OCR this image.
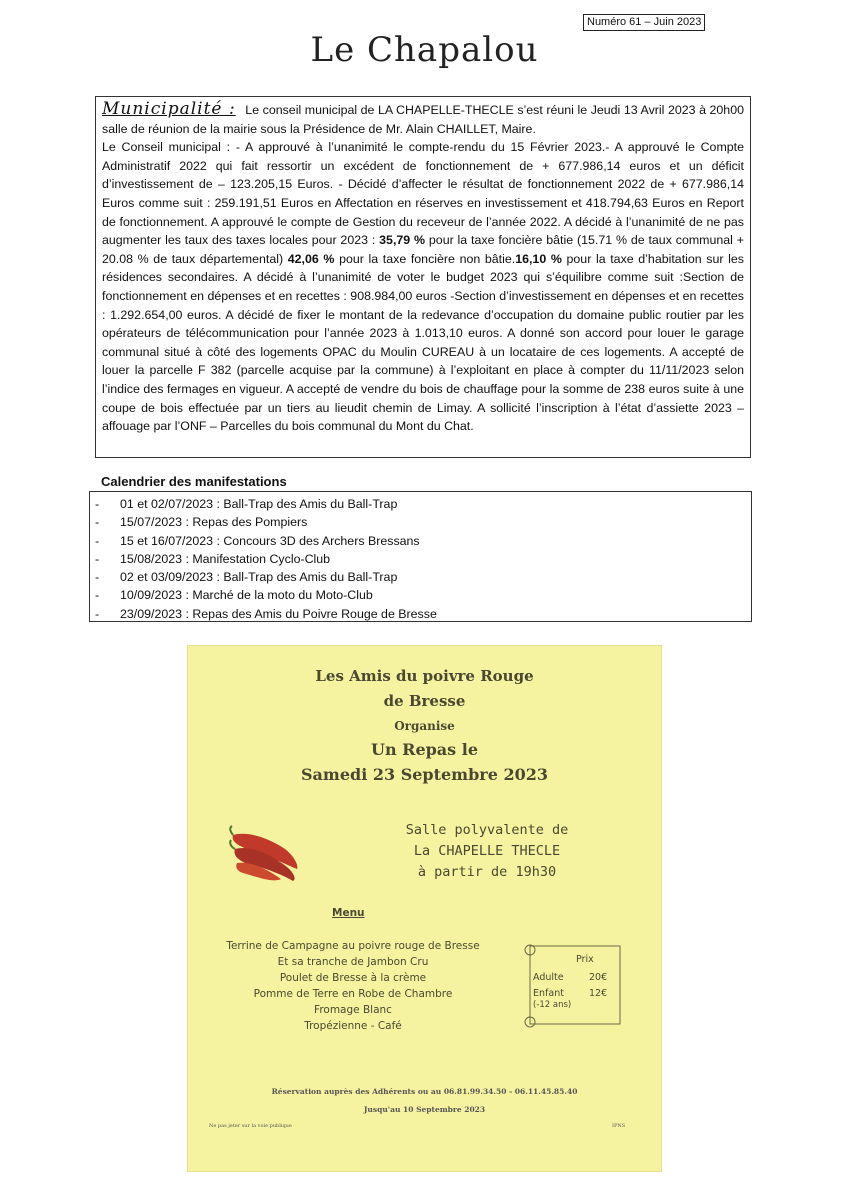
Numéro 61 – Juin 2023
Le Chapalou

Municipalité : Le conseil municipal de LA CHAPELLE-THECLE s’est réuni le Jeudi 13 Avril 2023 à 20h00 salle de réunion de la mairie sous la Présidence de Mr. Alain CHAILLET, Maire.

Le Conseil municipal : - A approuvé à l’unanimité le compte-rendu du 15 Février 2023.- A approuvé le Compte Administratif 2022 qui fait ressortir un excédent de fonctionnement de + 677.986,14 euros et un déficit d’investissement de – 123.205,15 Euros. - Décidé d’affecter le résultat de fonctionnement 2022 de + 677.986,14 Euros comme suit : 259.191,51 Euros en Affectation en réserves en investissement et 418.794,63 Euros en Report de fonctionnement. A approuvé le compte de Gestion du receveur de l’année 2022. A décidé à l’unanimité de ne pas augmenter les taux des taxes locales pour 2023 : 35,79 % pour la taxe foncière bâtie (15.71 % de taux communal + 20.08 % de taux départemental) 42,06 % pour la taxe foncière non bâtie.16,10 % pour la taxe d’habitation sur les résidences secondaires. A décidé à l’unanimité de voter le budget 2023 qui s’équilibre comme suit :Section de fonctionnement en dépenses et en recettes : 908.984,00 euros -Section d’investissement en dépenses et en recettes : 1.292.654,00 euros. A décidé de fixer le montant de la redevance d’occupation du domaine public routier par les opérateurs de télécommunication pour l’année 2023 à 1.013,10 euros. A donné son accord pour louer le garage communal situé à côté des logements OPAC du Moulin CUREAU à un locataire de ces logements. A accepté de louer la parcelle F 382 (parcelle acquise par la commune) à l’exploitant en place à compter du 11/11/2023 selon l’indice des fermages en vigueur. A accepté de vendre du bois de chauffage pour la somme de 238 euros suite à une coupe de bois effectuée par un tiers au lieudit chemin de Limay. A sollicité l’inscription à l’état d’assiette 2023 – affouage par l’ONF – Parcelles du bois communal du Mont du Chat.

Calendrier des manifestations
-	01 et 02/07/2023 : Ball-Trap des Amis du Ball-Trap
-	15/07/2023 : Repas des Pompiers
-	15 et 16/07/2023 : Concours 3D des Archers Bressans
-	15/08/2023 : Manifestation Cyclo-Club
-	02 et 03/09/2023 : Ball-Trap des Amis du Ball-Trap
-	10/09/2023 : Marché de la moto du Moto-Club
-	23/09/2023 : Repas des Amis du Poivre Rouge de Bresse
Les Amis du poivre Rouge
de Bresse
Organise
Un Repas le
Samedi 23 Septembre 2023
Salle polyvalente de
La CHAPELLE THECLE
à partir de 19h30
Menu
Terrine de Campagne au poivre rouge de Bresse
Et sa tranche de Jambon Cru
Poulet de Bresse à la crème
Pomme de Terre en Robe de Chambre
Fromage Blanc
Tropézienne - Café
Prix
Adulte	20€
Enfant	12€
(-12 ans)
Réservation auprès des Adhérents ou au 06.81.99.34.50 - 06.11.45.85.40
Jusqu'au 10 Septembre 2023
Ne pas jeter sur la voie publique	IPNS
